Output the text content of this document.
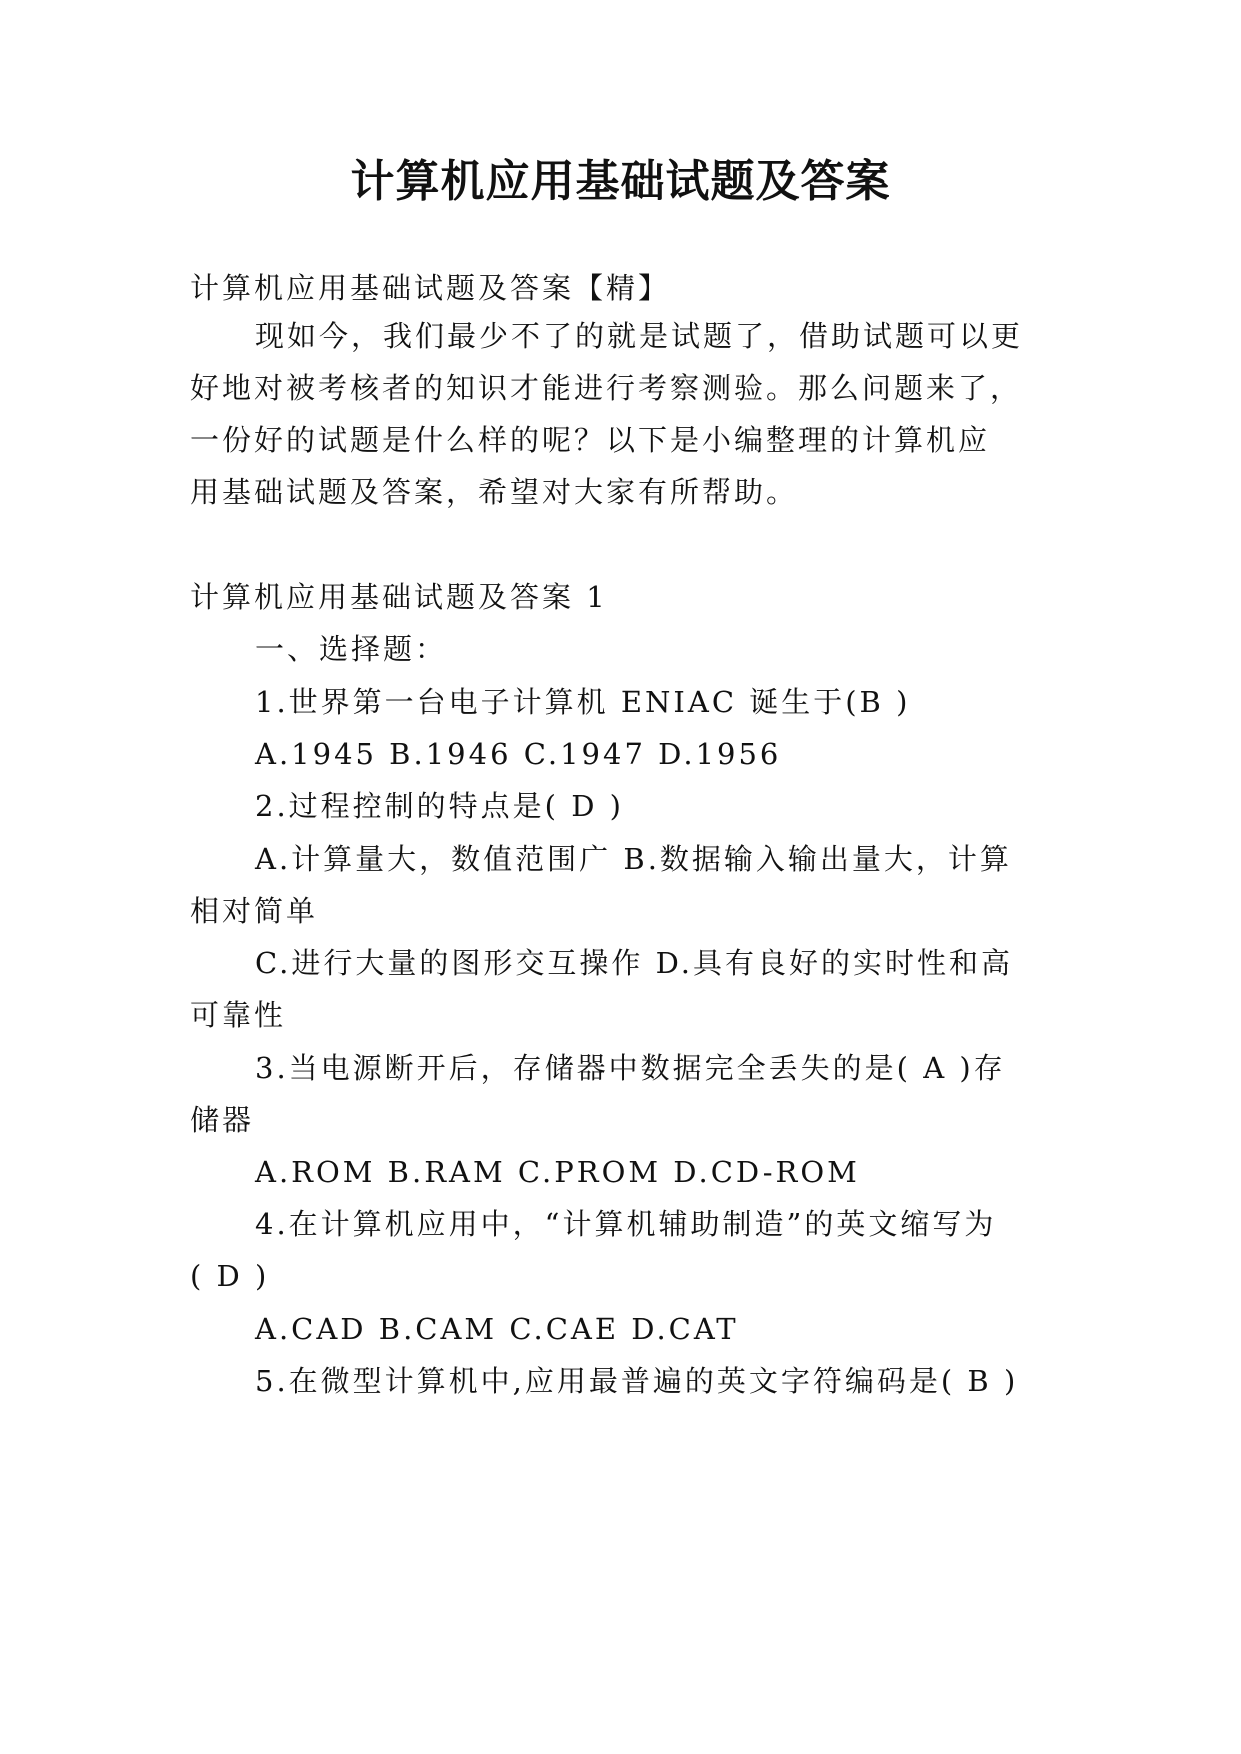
计算机应用基础试题及答案

计算机应用基础试题及答案【精】

现如今，我们最少不了的就是试题了，借助试题可以更

好地对被考核者的知识才能进行考察测验。那么问题来了，

一份好的试题是什么样的呢？以下是小编整理的计算机应

用基础试题及答案，希望对大家有所帮助。

计算机应用基础试题及答案 1

一、选择题：

1.世界第一台电子计算机 ENIAC 诞生于(B )

A.1945 B.1946 C.1947 D.1956

2.过程控制的特点是( D )

A.计算量大，数值范围广 B.数据输入输出量大，计算

相对简单

C.进行大量的图形交互操作 D.具有良好的实时性和高

可靠性

3.当电源断开后，存储器中数据完全丢失的是( A )存

储器

A.ROM B.RAM C.PROM D.CD-ROM

4.在计算机应用中，“计算机辅助制造”的英文缩写为

( D )

A.CAD B.CAM C.CAE D.CAT

5.在微型计算机中,应用最普遍的英文字符编码是( B )
